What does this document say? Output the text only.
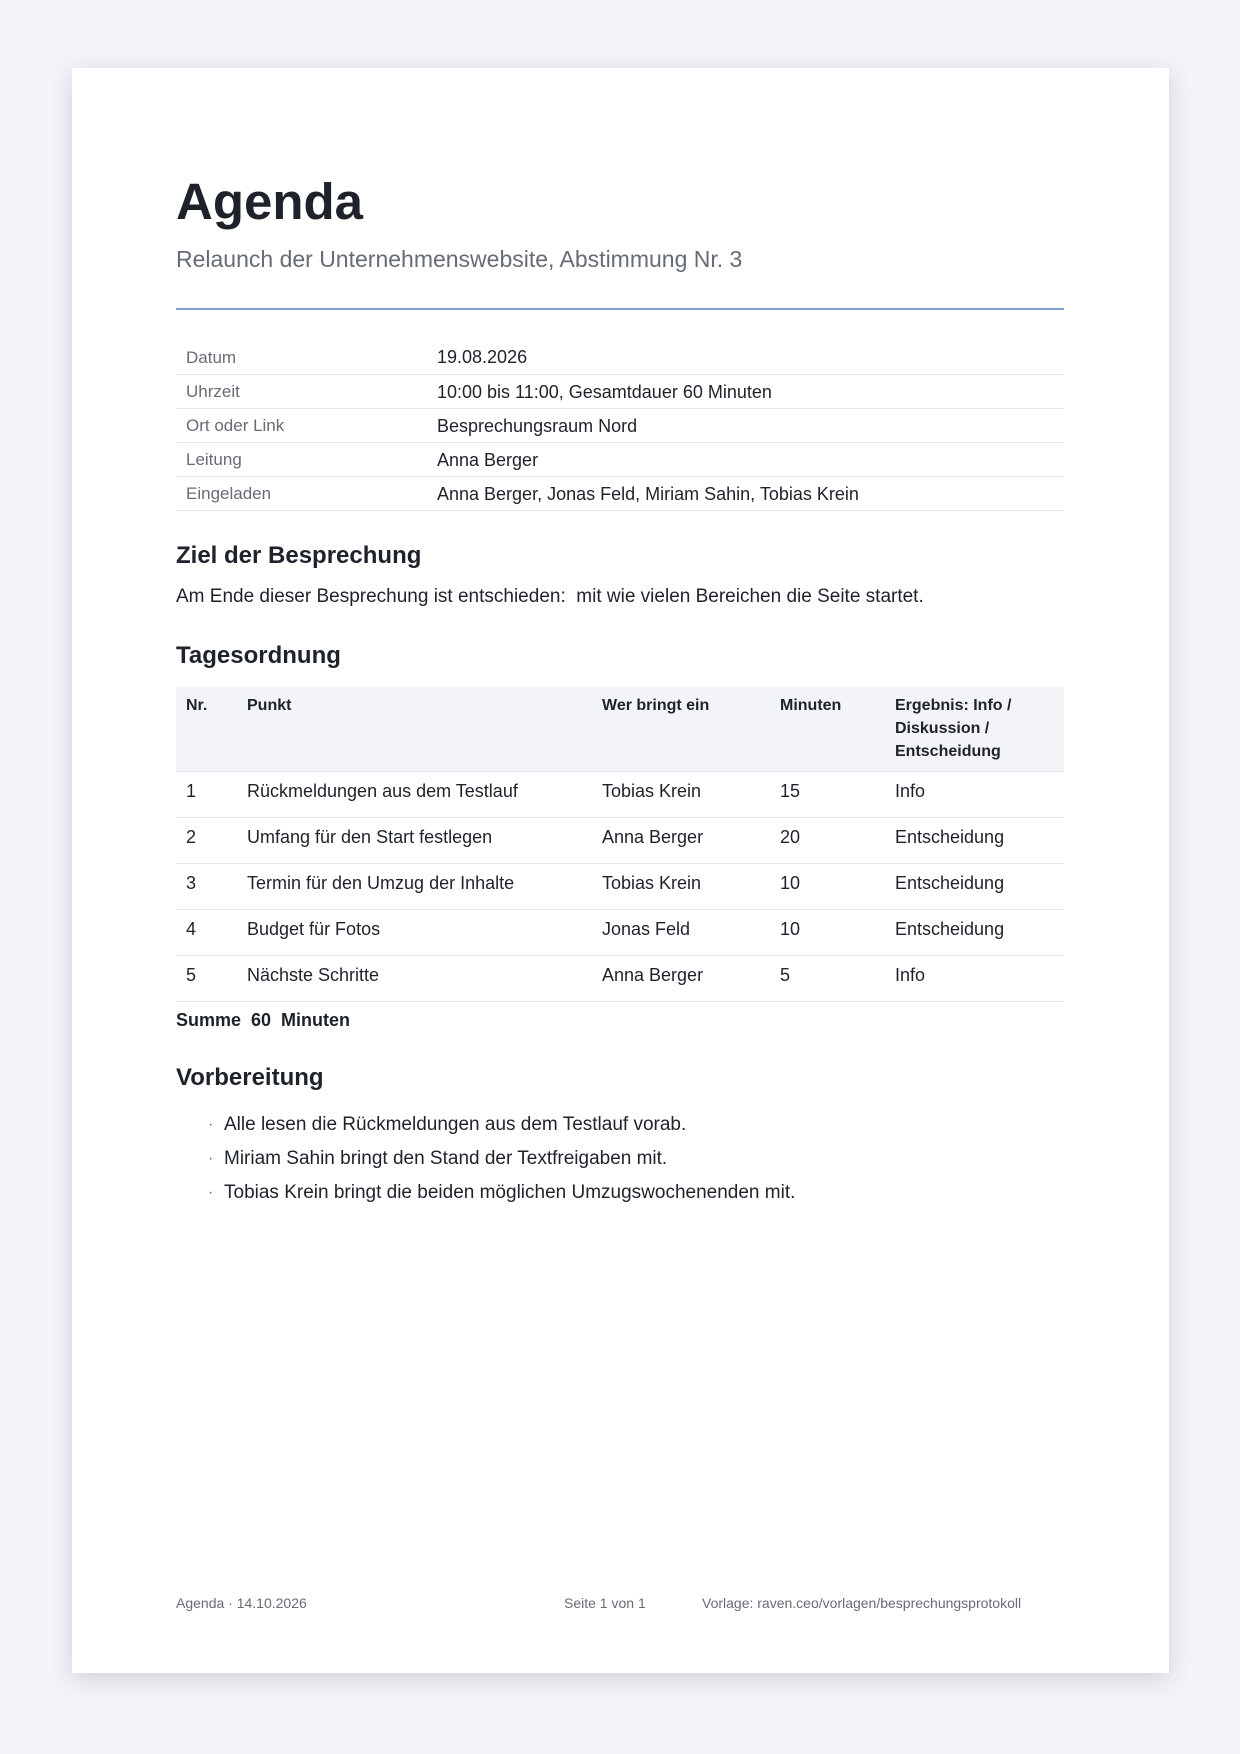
Agenda
Relaunch der Unternehmenswebsite, Abstimmung Nr. 3
Datum	19.08.2026
Uhrzeit	10:00 bis 11:00, Gesamtdauer 60 Minuten
Ort oder Link	Besprechungsraum Nord
Leitung	Anna Berger
Eingeladen	Anna Berger, Jonas Feld, Miriam Sahin, Tobias Krein
Ziel der Besprechung

Am Ende dieser Besprechung ist entschieden:  mit wie vielen Bereichen die Seite startet.

Tagesordnung
Nr.	Punkt	Wer bringt ein	Minuten	Ergebnis: Info / Diskussion / Entscheidung
1	Rückmeldungen aus dem Testlauf	Tobias Krein	15	Info
2	Umfang für den Start festlegen	Anna Berger	20	Entscheidung
3	Termin für den Umzug der Inhalte	Tobias Krein	10	Entscheidung
4	Budget für Fotos	Jonas Feld	10	Entscheidung
5	Nächste Schritte	Anna Berger	5	Info
Summe  60  Minuten
Vorbereitung
· Alle lesen die Rückmeldungen aus dem Testlauf vorab.
· Miriam Sahin bringt den Stand der Textfreigaben mit.
· Tobias Krein bringt die beiden möglichen Umzugswochenenden mit.
Agenda · 14.10.2026	Seite 1 von 1	Vorlage: raven.ceo/vorlagen/besprechungsprotokoll
